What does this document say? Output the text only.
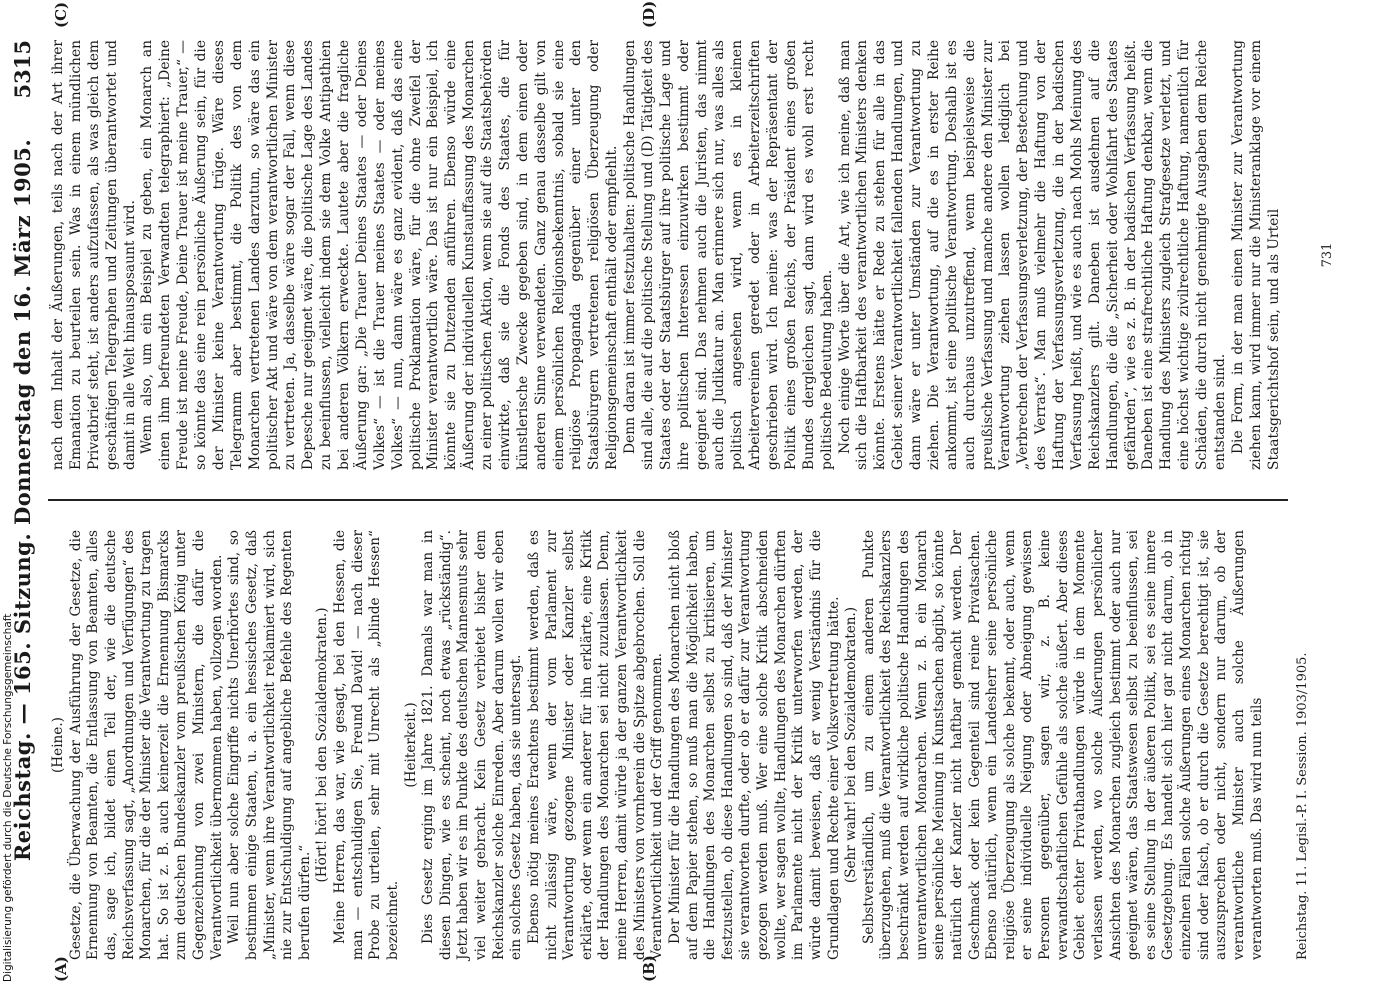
Reichstag. — 165. Sitzung. Donnerstag den 16. März 1905.
5315
(A)	(B)
(C)	(D)

(Heine.) Gesetze, die Überwachung der Ausführung der Gesetze, die Ernennung von Beamten, die Entlassung von Beamten, alles das, sage ich, bildet einen Teil der, wie die deutsche Reichsverfassung sagt, „Anordnungen und Verfügungen“ des Monarchen, für die der Minister die Verantwortung zu tragen hat. So ist z. B. auch keinerzeit die Ernennung Bismarcks zum deutschen Bundeskanzler vom preußischen König unter Gegenzeichnung von zwei Ministern, die dafür die Verantwortlichkeit übernommen haben, vollzogen worden. Weil nun aber solche Eingriffe nichts Unerhörtes sind, so bestimmen einige Staaten, u. a. ein hessisches Gesetz, daß „Minister, wenn ihre Verantwortlichkeit reklamiert wird, sich nie zur Entschuldigung auf angebliche Befehle des Regenten berufen dürfen.“

(Hört! hört! bei den Sozialdemokraten.) Meine Herren, das war, wie gesagt, bei den Hessen, die man — entschuldigen Sie, Freund David! — nach dieser Probe zu urteilen, sehr mit Unrecht als „blinde Hessen“ bezeichnet.

(Heiterkeit.) Dies Gesetz erging im Jahre 1821. Damals war man in diesen Dingen, wie es scheint, noch etwas „rückständig“. Jetzt haben wir es im Punkte des deutschen Mannesmuts sehr viel weiter gebracht. Kein Gesetz verbietet bisher dem Reichskanzler solche Einreden. Aber darum wollen wir eben ein solches Gesetz haben, das sie untersagt. Ebenso nötig meines Erachtens bestimmt werden, daß es nicht zulässig wäre, wenn der vom Parlament zur Verantwortung gezogene Minister oder Kanzler selbst erklärte, oder wenn ein anderer für ihn erklärte, eine Kritik der Handlungen des Monarchen sei nicht zuzulassen. Denn, meine Herren, damit würde ja der ganzen Verantwortlichkeit des Ministers von vornherein die Spitze abgebrochen. Soll die Verantwortlichkeit und der Griff genommen. Der Minister für die Handlungen des Monarchen nicht bloß auf dem Papier stehen, so muß man die Möglichkeit haben, die Handlungen des Monarchen selbst zu kritisieren, um festzustellen, ob diese Handlungen so sind, daß der Minister sie verantworten durfte, oder ob er dafür zur Verantwortung gezogen werden muß. Wer eine solche Kritik abschneiden wollte, wer sagen wollte, Handlungen des Monarchen dürften im Parlamente nicht der Kritik unterworfen werden, der würde damit beweisen, daß er wenig Verständnis für die Grundlagen und Rechte einer Volksvertretung hätte. (Sehr wahr! bei den Sozialdemokraten.) Selbstverständlich, um zu einem anderen Punkte überzugehen, muß die Verantwortlichkeit des Reichskanzlers beschränkt werden auf wirkliche politische Handlungen des unverantwortlichen Monarchen. Wenn z. B. ein Monarch seine persönliche Meinung in Kunstsachen abgibt, so könnte natürlich der Kanzler nicht haftbar gemacht werden. Der Geschmack oder kein Gegenteil sind reine Privatsachen. Ebenso natürlich, wenn ein Landesherr seine persönliche religiöse Überzeugung als solche bekennt, oder auch, wenn er seine individuelle Neigung oder Abneigung gewissen Personen gegenüber, sagen wir, z. B. keine verwandtschaftlichen Gefühle als solche äußert. Aber dieses Gebiet echter Privathandlungen würde in dem Momente verlassen werden, wo solche Äußerungen persönlicher Ansichten des Monarchen zugleich bestimmt oder auch nur geeignet wären, das Staatswesen selbst zu beeinflussen, sei es seine Stellung in der äußeren Politik, sei es seine innere Gesetzgebung. Es handelt sich hier gar nicht darum, ob in einzelnen Fällen solche Äußerungen eines Monarchen richtig sind oder falsch, ob er durch die Gesetze berechtigt ist, sie auszusprechen oder nicht, sondern nur darum, ob der verantwortliche Minister auch solche Äußerungen verantworten muß. Das wird nun teils

nach dem Inhalt der Äußerungen, teils nach der Art ihrer Emanation zu beurteilen sein. Was in einem mündlichen Privatbrief steht, ist anders aufzufassen, als was gleich dem geschäftigen Telegraphen und Zeitungen überantwortet und damit in alle Welt hinausposaunt wird. Wenn also, um ein Beispiel zu geben, ein Monarch an einen ihm befreundeten Verwandten telegraphiert: „Deine Freude ist meine Freude, Deine Trauer ist meine Trauer,“ — so könnte das eine rein persönliche Äußerung sein, für die der Minister keine Verantwortung trüge. Wäre dieses Telegramm aber bestimmt, die Politik des von dem Monarchen vertretenen Landes darzutun, so wäre das ein politischer Akt und wäre von dem verantwortlichen Minister zu vertreten. Ja, dasselbe wäre sogar der Fall, wenn diese Depesche nur geeignet wäre, die politische Lage des Landes zu beeinflussen, vielleicht indem sie dem Volke Antipathien bei anderen Völkern erweckte. Lautete aber die fragliche Äußerung gar: „Die Trauer Deines Staates — oder Deines Volkes“ — ist die Trauer meines Staates — oder meines Volkes“ — nun, dann wäre es ganz evident, daß das eine politische Proklamation wäre, für die ohne Zweifel der Minister verantwortlich wäre. Das ist nur ein Beispiel, ich könnte sie zu Dutzenden anführen. Ebenso würde eine Äußerung der individuellen Kunstauffassung des Monarchen zu einer politischen Aktion, wenn sie auf die Staatsbehörden einwirkte, daß sie die Fonds des Staates, die für künstlerische Zwecke gegeben sind, in dem einen oder anderen Sinne verwendeten. Ganz genau dasselbe gilt von einem persönlichen Religionsbekenntnis, sobald sie eine religiöse Propaganda gegenüber einer unter den Staatsbürgern vertretenen religiösen Überzeugung oder Religionsgemeinschaft enthält oder empfiehlt. Denn daran ist immer festzuhalten: politische Handlungen sind alle, die auf die politische Stellung und (D) Tätigkeit des Staates oder der Staatsbürger auf ihre politische Lage und ihre politischen Interessen einzuwirken bestimmt oder geeignet sind. Das nehmen auch die Juristen, das nimmt auch die Judikatur an. Man erinnere sich nur, was alles als politisch angesehen wird, wenn es in kleinen Arbeitervereinen geredet oder in Arbeiterzeitschriften geschrieben wird. Ich meine: was der Repräsentant der Politik eines großen Reichs, der Präsident eines großen Bundes dergleichen sagt, dann wird es wohl erst recht politische Bedeutung haben. Noch einige Worte über die Art, wie ich meine, daß man sich die Haftbarkeit des verantwortlichen Ministers denken könnte. Erstens hätte er Rede zu stehen für alle in das Gebiet seiner Verantwortlichkeit fallenden Handlungen, und dann wäre er unter Umständen zur Verantwortung zu ziehen. Die Verantwortung, auf die es in erster Reihe ankommt, ist eine politische Verantwortung. Deshalb ist es auch durchaus unzutreffend, wenn beispielsweise die preußische Verfassung und manche andere den Minister zur Verantwortung ziehen lassen wollen lediglich bei „Verbrechen der Verfassungsverletzung, der Bestechung und des Verrats“. Man muß vielmehr die Haftung von der Haftung der Verfassungsverletzung, die in der badischen Verfassung heißt, und wie es auch nach Mohls Meinung des Reichskanzlers gilt. Daneben ist ausdehnen auf die Handlungen, die die „Sicherheit oder Wohlfahrt des Staates gefährden“, wie es z. B. in der badischen Verfassung heißt. Daneben ist eine strafrechtliche Haftung denkbar, wenn die Handlung des Ministers zugleich Strafgesetze verletzt, und eine höchst wichtige zivilrechtliche Haftung, namentlich für Schäden, die durch nicht genehmigte Ausgaben dem Reiche entstanden sind. Die Form, in der man einen Minister zur Verantwortung ziehen kann, wird immer nur die Ministeranklage vor einem Staatsgerichtshof sein, und als Urteil

Reichstag. 11. Legisl.-P. I. Session. 1903/1905.
731
Digitalisierung gefördert durch die Deutsche Forschungsgemeinschaft
